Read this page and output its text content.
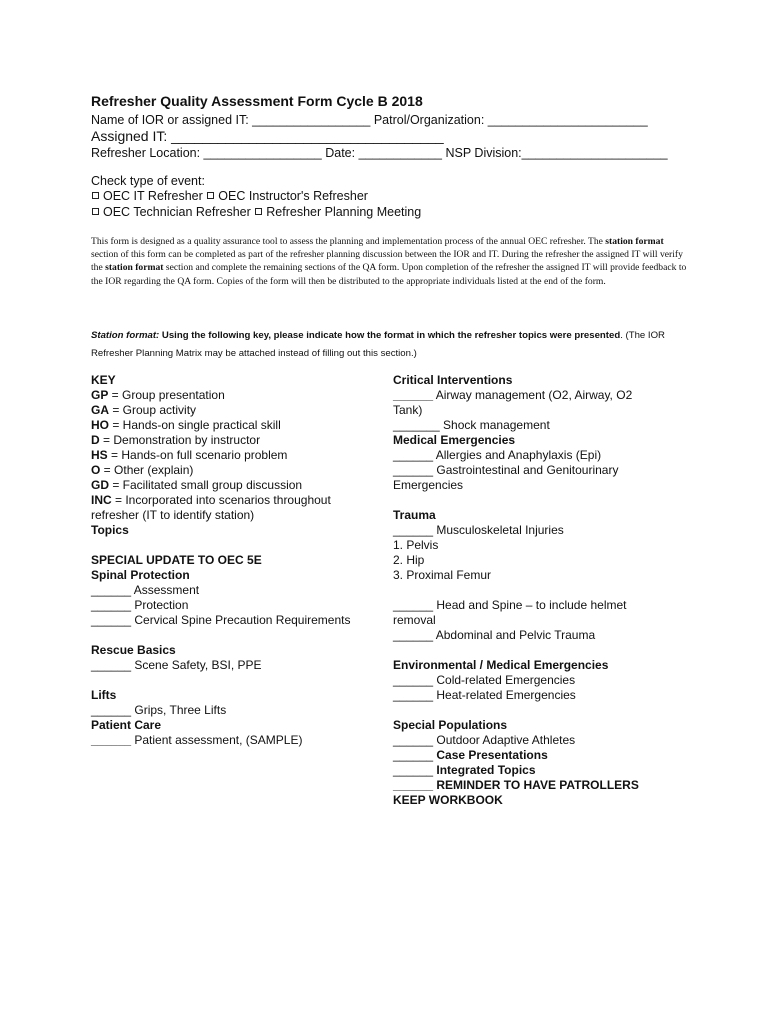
Refresher Quality Assessment Form Cycle B 2018
Name of IOR or assigned IT: _________________ Patrol/Organization: _______________________
Assigned IT: ___________________________________
Refresher Location: _________________ Date: ____________ NSP Division:_____________________
Check type of event:
OEC IT Refresher OEC Instructor's Refresher
OEC Technician Refresher Refresher Planning Meeting
This form is designed as a quality assurance tool to assess the planning and implementation process of the annual OEC refresher. The station format section of this form can be completed as part of the refresher planning discussion between the IOR and IT. During the refresher the assigned IT will verify the station format section and complete the remaining sections of the QA form. Upon completion of the refresher the assigned IT will provide feedback to the IOR regarding the QA form. Copies of the form will then be distributed to the appropriate individuals listed at the end of the form.
Station format: Using the following key, please indicate how the format in which the refresher topics were presented. (The IOR Refresher Planning Matrix may be attached instead of filling out this section.)
KEY
GP = Group presentation
GA = Group activity
HO = Hands-on single practical skill
D = Demonstration by instructor
HS = Hands-on full scenario problem
O = Other (explain)
GD = Facilitated small group discussion
INC = Incorporated into scenarios throughout
refresher (IT to identify station)
Topics
SPECIAL UPDATE TO OEC 5E
Spinal Protection
______ Assessment
______ Protection
______ Cervical Spine Precaution Requirements
Rescue Basics
______ Scene Safety, BSI, PPE
Lifts
______ Grips, Three Lifts
Patient Care
______ Patient assessment, (SAMPLE)
Critical Interventions
______ Airway management (O2, Airway, O2
Tank)
_______ Shock management
Medical Emergencies
______ Allergies and Anaphylaxis (Epi)
______ Gastrointestinal and Genitourinary
Emergencies
Trauma
______ Musculoskeletal Injuries
1. Pelvis
2. Hip
3. Proximal Femur
______ Head and Spine – to include helmet
removal
______ Abdominal and Pelvic Trauma
Environmental / Medical Emergencies
______ Cold-related Emergencies
______ Heat-related Emergencies
Special Populations
______ Outdoor Adaptive Athletes
______ Case Presentations
______ Integrated Topics
______ REMINDER TO HAVE PATROLLERS
KEEP WORKBOOK
